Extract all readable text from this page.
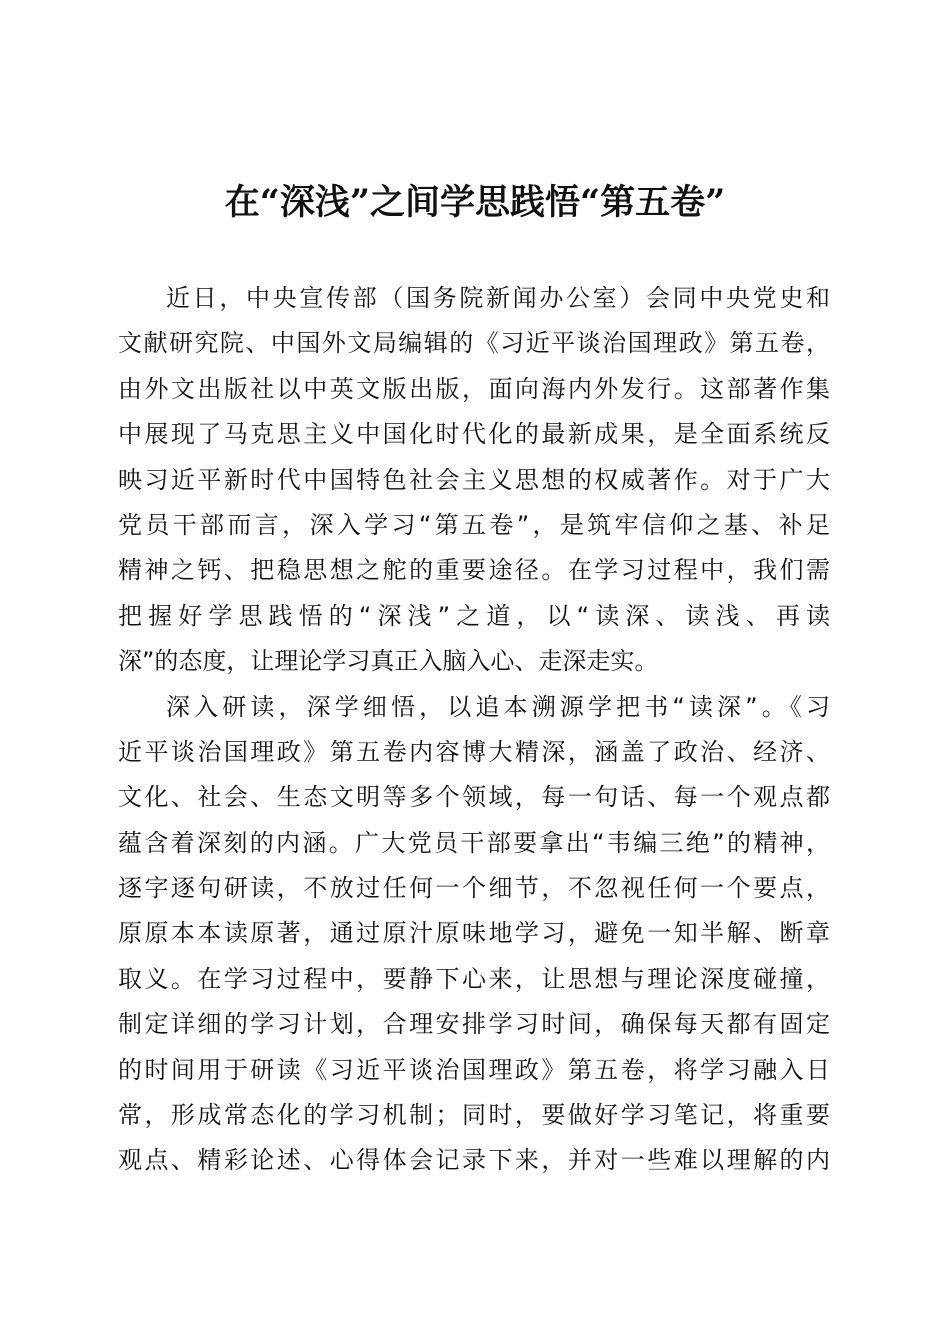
在“深浅”之间学思践悟“第五卷”
近日，中央宣传部（国务院新闻办公室）会同中央党史和
文献研究院、中国外文局编辑的《习近平谈治国理政》第五卷，
由外文出版社以中英文版出版，面向海内外发行。这部著作集
中展现了马克思主义中国化时代化的最新成果，是全面系统反
映习近平新时代中国特色社会主义思想的权威著作。对于广大
党员干部而言，深入学习“第五卷”，是筑牢信仰之基、补足
精神之钙、把稳思想之舵的重要途径。在学习过程中，我们需
把握好学思践悟的“深浅”之道，以“读深、读浅、再读
深”的态度，让理论学习真正入脑入心、走深走实。
深入研读，深学细悟，以追本溯源学把书“读深”。《习
近平谈治国理政》第五卷内容博大精深，涵盖了政治、经济、
文化、社会、生态文明等多个领域，每一句话、每一个观点都
蕴含着深刻的内涵。广大党员干部要拿出“韦编三绝”的精神，
逐字逐句研读，不放过任何一个细节，不忽视任何一个要点，
原原本本读原著，通过原汁原味地学习，避免一知半解、断章
取义。在学习过程中，要静下心来，让思想与理论深度碰撞，
制定详细的学习计划，合理安排学习时间，确保每天都有固定
的时间用于研读《习近平谈治国理政》第五卷，将学习融入日
常，形成常态化的学习机制；同时，要做好学习笔记，将重要
观点、精彩论述、心得体会记录下来，并对一些难以理解的内
